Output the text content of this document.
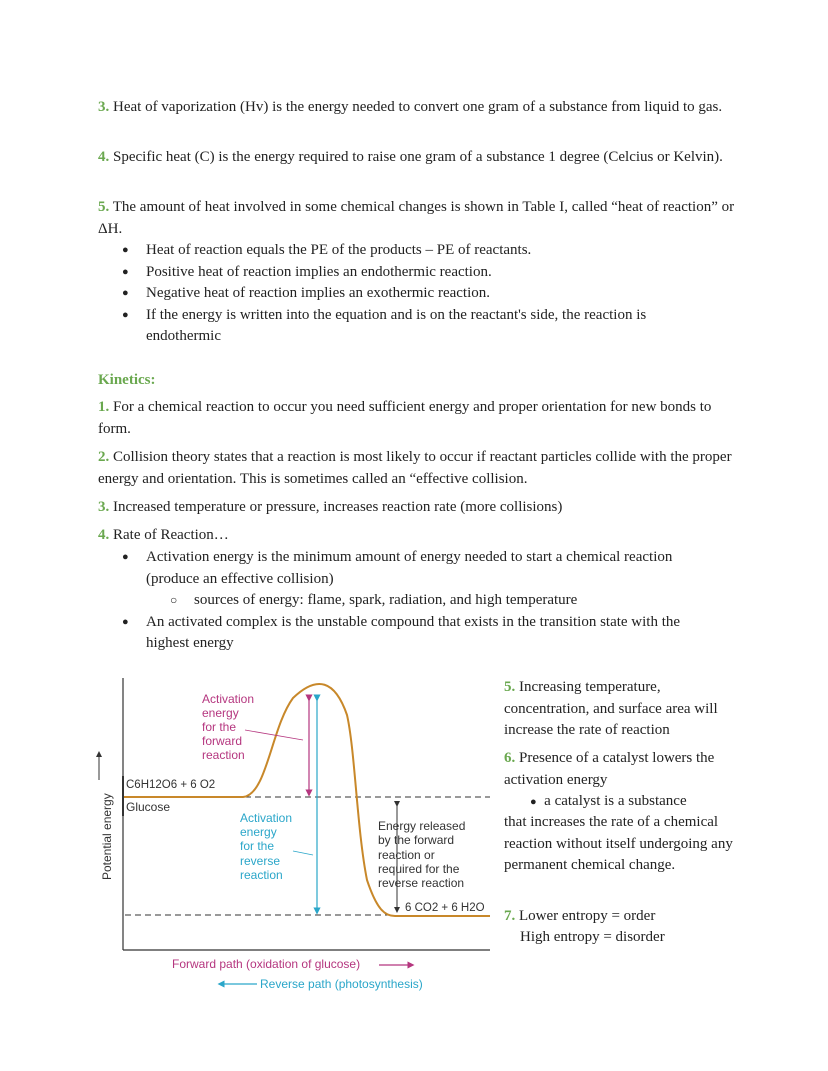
3. Heat of vaporization (Hv) is the energy needed to convert one gram of a substance from liquid to gas.

4. Specific heat (C) is the energy required to raise one gram of a substance 1 degree (Celcius or Kelvin).

5. The amount of heat involved in some chemical changes is shown in Table I, called “heat of reaction” or ΔH.

● Heat of reaction equals the PE of the products – PE of reactants.
● Positive heat of reaction implies an endothermic reaction.
● Negative heat of reaction implies an exothermic reaction.
● If the energy is written into the equation and is on the reactant's side, the reaction is endothermic

Kinetics:

1. For a chemical reaction to occur you need sufficient energy and proper orientation for new bonds to form.

2. Collision theory states that a reaction is most likely to occur if reactant particles collide with the proper energy and orientation. This is sometimes called an “effective collision.

3. Increased temperature or pressure, increases reaction rate (more collisions)

4. Rate of Reaction…

● Activation energy is the minimum amount of energy needed to start a chemical reaction (produce an effective collision)
○ sources of energy: flame, spark, radiation, and high temperature
● An activated complex is the unstable compound that exists in the transition state with the highest energy
Potential energy
Activation
energy
for the
forward
reaction
Activation
energy
for the
reverse
reaction
C6H12O6 + 6 O2
Glucose
Energy released
by the forward
reaction or
required for the
reverse reaction
6 CO2 + 6 H2O
Forward path (oxidation of glucose)
Reverse path (photosynthesis)
5. Increasing temperature, concentration, and surface area will increase the rate of reaction
6. Presence of a catalyst lowers the activation energy
● a catalyst is a substance
that increases the rate of a chemical reaction without itself undergoing any permanent chemical change.
7. Lower entropy = order
High entropy = disorder
